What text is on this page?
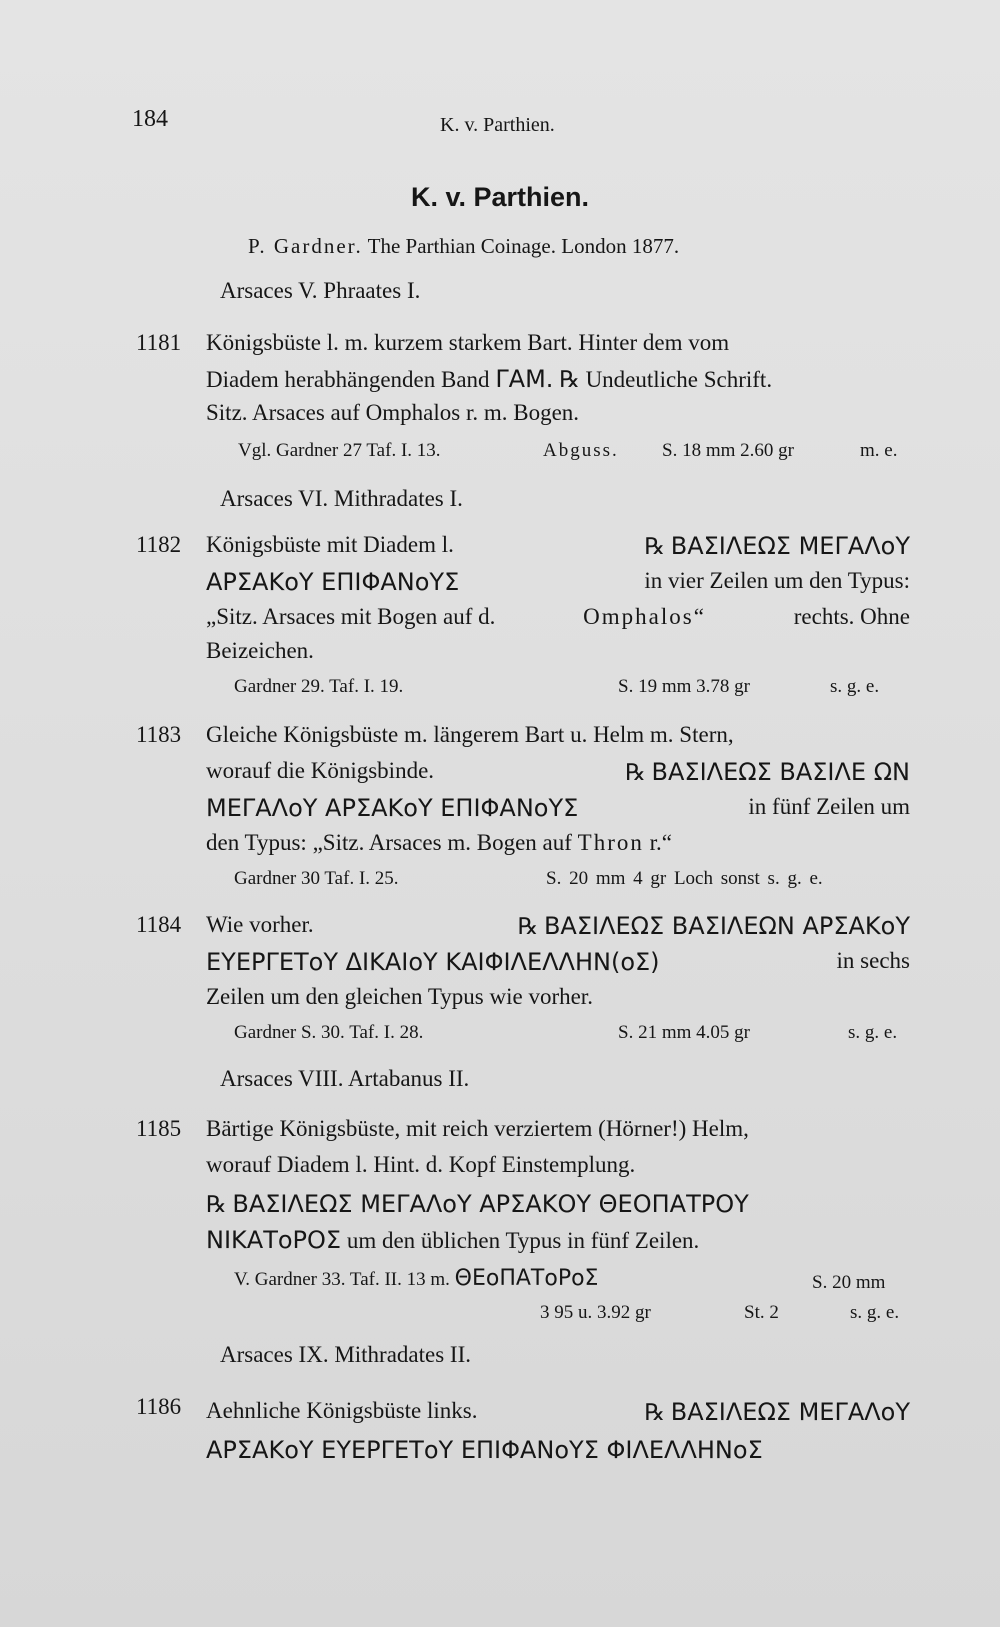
184	K. v. Parthien.
K. v. Parthien.
P. Gardner. The Parthian Coinage. London 1877.
Arsaces V. Phraates I.
1181 Königsbüste l. m. kurzem starkem Bart. Hinter dem vom
Diadem herabhängenden Band ΓΑΜ. ℞ Undeutliche Schrift.
Sitz. Arsaces auf Omphalos r. m. Bogen.
Vgl. Gardner 27 Taf. I. 13.	Abguss. S. 18 mm 2.60 gr	m. e.
Arsaces VI. Mithradates I.
1182 Königsbüste mit Diadem l.	℞ ΒΑΣΙΛΕΩΣ ΜΕΓΑΛοΥ
ΑΡΣΑΚοΥ ΕΠΙΦΑΝοΥΣ	in vier Zeilen um den Typus:
„Sitz. Arsaces mit Bogen auf d.	Omphalos“	rechts. Ohne
Beizeichen.
Gardner 29. Taf. I. 19.	S. 19 mm 3.78 gr	s. g. e.
1183 Gleiche Königsbüste m. längerem Bart u. Helm m. Stern,
worauf die Königsbinde.	℞ ΒΑΣΙΛΕΩΣ ΒΑΣΙΛΕ ΩΝ
ΜΕΓΑΛοΥ ΑΡΣΑΚοΥ ΕΠΙΦΑΝοΥΣ	in fünf Zeilen um
den Typus: „Sitz. Arsaces m. Bogen auf Thron r.“
Gardner 30 Taf. I. 25.	S. 20 mm 4 gr Loch sonst s. g. e.
1184 Wie vorher.	℞ ΒΑΣΙΛΕΩΣ ΒΑΣΙΛΕΩΝ ΑΡΣΑΚοΥ
ΕΥΕΡΓΕΤοΥ ΔΙΚΑΙοΥ ΚΑΙΦΙΛΕΛΛΗΝ(οΣ)	in sechs
Zeilen um den gleichen Typus wie vorher.
Gardner S. 30. Taf. I. 28.	S. 21 mm 4.05 gr	s. g. e.
Arsaces VIII. Artabanus II.
1185 Bärtige Königsbüste, mit reich verziertem (Hörner!) Helm,
worauf Diadem l. Hint. d. Kopf Einstemplung.
℞ ΒΑΣΙΛΕΩΣ ΜΕΓΑΛοΥ ΑΡΣΑΚΟΥ ΘΕΟΠΑΤΡΟΥ
ΝΙΚΑΤοΡΟΣ um den üblichen Typus in fünf Zeilen.
V. Gardner 33. Taf. II. 13 m. ΘΕοΠΑΤοΡοΣ	S. 20 mm
3 95 u. 3.92 gr	St. 2	s. g. e.
Arsaces IX. Mithradates II.
1186 Aehnliche Königsbüste links.	℞ ΒΑΣΙΛΕΩΣ ΜΕΓΑΛοΥ
ΑΡΣΑΚοΥ ΕΥΕΡΓΕΤοΥ ΕΠΙΦΑΝοΥΣ ΦΙΛΕΛΛΗΝοΣ
